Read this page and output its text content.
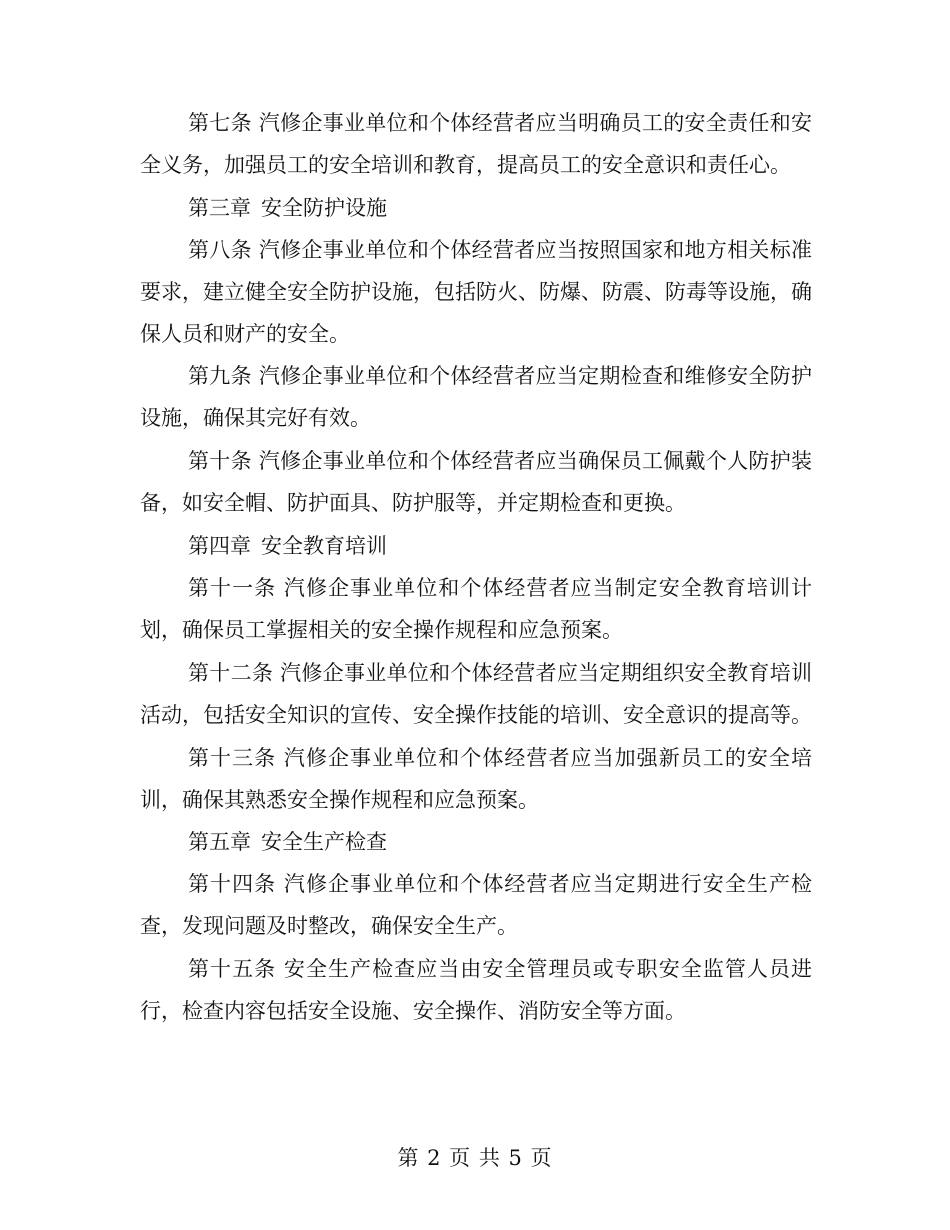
第七条 汽修企事业单位和个体经营者应当明确员工的安全责任和安全义务，加强员工的安全培训和教育，提高员工的安全意识和责任心。

第三章 安全防护设施

第八条 汽修企事业单位和个体经营者应当按照国家和地方相关标准要求，建立健全安全防护设施，包括防火、防爆、防震、防毒等设施，确保人员和财产的安全。

第九条 汽修企事业单位和个体经营者应当定期检查和维修安全防护设施，确保其完好有效。

第十条 汽修企事业单位和个体经营者应当确保员工佩戴个人防护装备，如安全帽、防护面具、防护服等，并定期检查和更换。

第四章 安全教育培训

第十一条 汽修企事业单位和个体经营者应当制定安全教育培训计划，确保员工掌握相关的安全操作规程和应急预案。

第十二条 汽修企事业单位和个体经营者应当定期组织安全教育培训活动，包括安全知识的宣传、安全操作技能的培训、安全意识的提高等。

第十三条 汽修企事业单位和个体经营者应当加强新员工的安全培训，确保其熟悉安全操作规程和应急预案。

第五章 安全生产检查

第十四条 汽修企事业单位和个体经营者应当定期进行安全生产检查，发现问题及时整改，确保安全生产。

第十五条 安全生产检查应当由安全管理员或专职安全监管人员进行，检查内容包括安全设施、安全操作、消防安全等方面。

第 2 页 共 5 页
